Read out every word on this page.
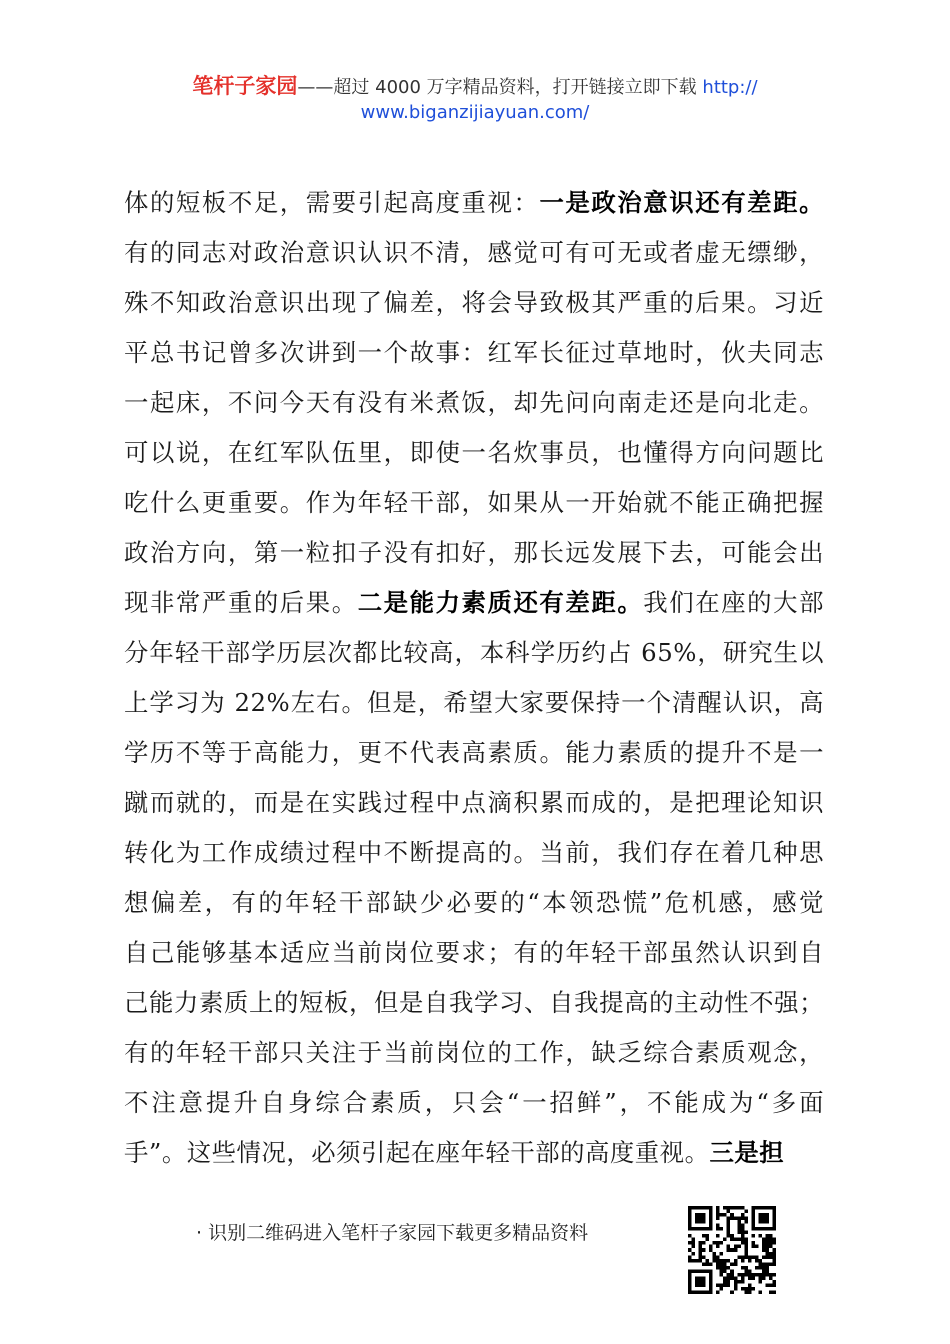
笔杆子家园——超过 4000 万字精品资料，打开链接立即下载 http://
www.biganzijiayuan.com/
体的短板不足，需要引起高度重视：一是政治意识还有差距。
有的同志对政治意识认识不清，感觉可有可无或者虚无缥缈，
殊不知政治意识出现了偏差，将会导致极其严重的后果。习近
平总书记曾多次讲到一个故事：红军长征过草地时，伙夫同志
一起床，不问今天有没有米煮饭，却先问向南走还是向北走。
可以说，在红军队伍里，即使一名炊事员，也懂得方向问题比
吃什么更重要。作为年轻干部，如果从一开始就不能正确把握
政治方向，第一粒扣子没有扣好，那长远发展下去，可能会出
现非常严重的后果。二是能力素质还有差距。我们在座的大部
分年轻干部学历层次都比较高，本科学历约占 65%，研究生以
上学习为 22%左右。但是，希望大家要保持一个清醒认识，高
学历不等于高能力，更不代表高素质。能力素质的提升不是一
蹴而就的，而是在实践过程中点滴积累而成的，是把理论知识
转化为工作成绩过程中不断提高的。当前，我们存在着几种思
想偏差，有的年轻干部缺少必要的“本领恐慌”危机感，感觉
自己能够基本适应当前岗位要求；有的年轻干部虽然认识到自
己能力素质上的短板，但是自我学习、自我提高的主动性不强；
有的年轻干部只关注于当前岗位的工作，缺乏综合素质观念，
不注意提升自身综合素质，只会“一招鲜”，不能成为“多面
手”。这些情况，必须引起在座年轻干部的高度重视。三是担
· 识别二维码进入笔杆子家园下载更多精品资料
